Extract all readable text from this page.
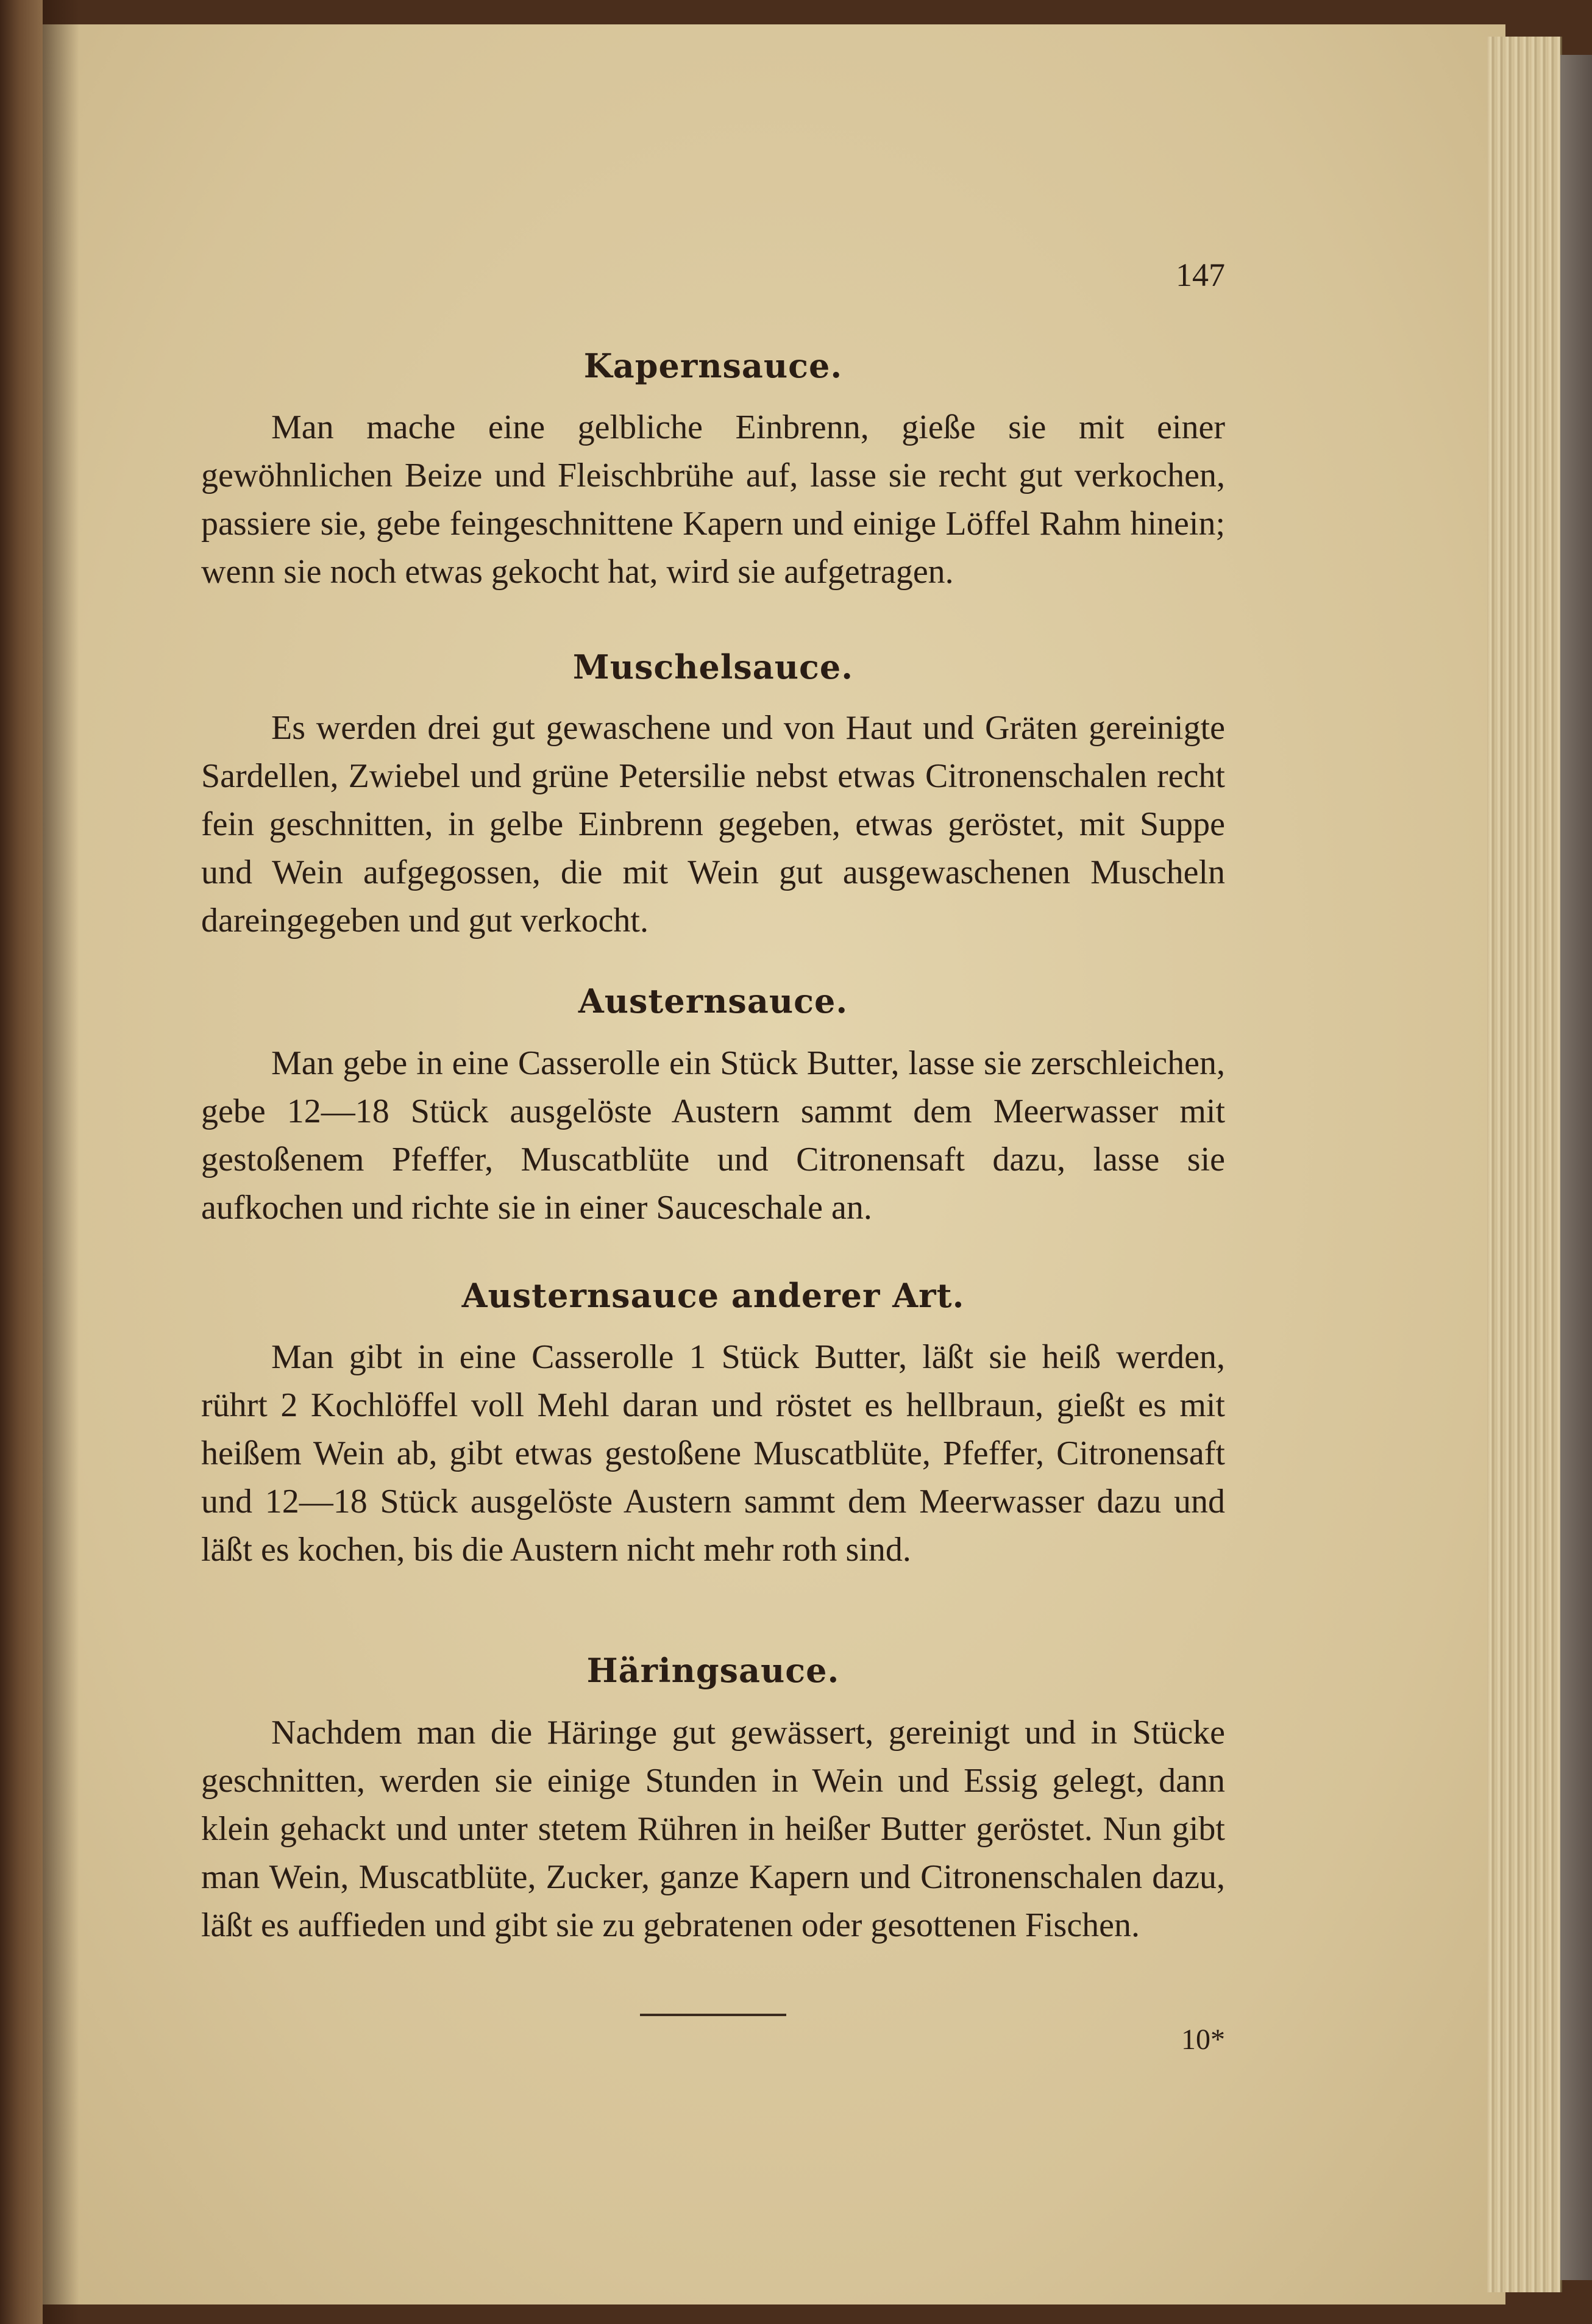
147
Kapernsauce.

Man mache eine gelbliche Einbrenn, gieße sie mit einer gewöhnlichen Beize und Fleischbrühe auf, lasse sie recht gut verkochen, passiere sie, gebe feingeschnittene Kapern und einige Löffel Rahm hinein; wenn sie noch etwas gekocht hat, wird sie aufgetragen.

Muschelsauce.

Es werden drei gut gewaschene und von Haut und Gräten gereinigte Sardellen, Zwiebel und grüne Petersilie nebst etwas Citronenschalen recht fein geschnitten, in gelbe Einbrenn gegeben, etwas geröstet, mit Suppe und Wein aufgegossen, die mit Wein gut ausgewaschenen Muscheln dareingegeben und gut verkocht.

Austernsauce.

Man gebe in eine Casserolle ein Stück Butter, lasse sie zerschleichen, gebe 12—18 Stück ausgelöste Austern sammt dem Meerwasser mit gestoßenem Pfeffer, Muscatblüte und Citronensaft dazu, lasse sie aufkochen und richte sie in einer Sauceschale an.

Austernsauce anderer Art.

Man gibt in eine Casserolle 1 Stück Butter, läßt sie heiß werden, rührt 2 Kochlöffel voll Mehl daran und röstet es hellbraun, gießt es mit heißem Wein ab, gibt etwas gestoßene Muscatblüte, Pfeffer, Citronensaft und 12—18 Stück ausgelöste Austern sammt dem Meerwasser dazu und läßt es kochen, bis die Austern nicht mehr roth sind.

Häringsauce.

Nachdem man die Häringe gut gewässert, gereinigt und in Stücke geschnitten, werden sie einige Stunden in Wein und Essig gelegt, dann klein gehackt und unter stetem Rühren in heißer Butter geröstet. Nun gibt man Wein, Muscatblüte, Zucker, ganze Kapern und Citronenschalen dazu, läßt es auffieden und gibt sie zu gebratenen oder gesottenen Fischen.

10*
